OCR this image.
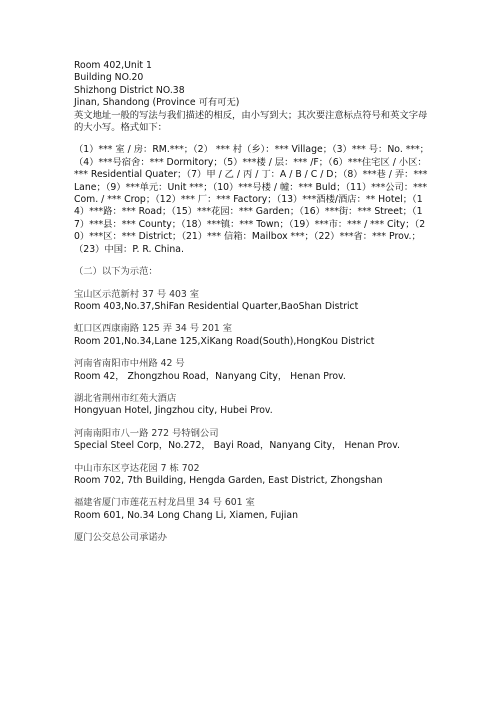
Room 402,Unit 1
Building NO.20
Shizhong District NO.38
Jinan, Shandong (Province 可有可无)

英文地址一般的写法与我们描述的相反，由小写到大；其次要注意标点符号和英文字母的大小写。格式如下：

（1）*** 室 / 房：RM.***；（2） *** 村（乡）：*** Village；（3）*** 号：No. ***；（4）***号宿舍：*** Dormitory；（5）***楼 / 层：*** /F；（6）***住宅区 / 小区：*** Residential Quater；（7）甲 / 乙 / 丙 / 丁：A / B / C / D；（8）***巷 / 弄：*** Lane；（9）***单元：Unit ***；（10）***号楼 / 幢：*** Buld；（11）***公司：*** Com. / *** Crop；（12）*** 厂：*** Factory；（13）***酒楼/酒店：** Hotel；（14）***路：*** Road；（15）***花园：*** Garden；（16）***街：*** Street；（17）***县：*** County；（18）***镇：*** Town；（19）***市：*** / *** City；（20）***区：*** District；（21）*** 信箱：Mailbox ***；（22）***省：*** Prov.；（23）中国：P. R. China.

（二）以下为示范：
宝山区示范新村 37 号 403 室
Room 403,No.37,ShiFan Residential Quarter,BaoShan District
虹口区西康南路 125 弄 34 号 201 室
Room 201,No.34,Lane 125,XiKang Road(South),HongKou District
河南省南阳市中州路 42 号
Room 42， Zhongzhou Road，Nanyang City， Henan Prov.
湖北省荆州市红苑大酒店
Hongyuan Hotel, Jingzhou city, Hubei Prov.
河南南阳市八一路 272 号特钢公司
Special Steel Corp，No.272， Bayi Road，Nanyang City， Henan Prov.
中山市东区亨达花园 7 栋 702
Room 702, 7th Building, Hengda Garden, East District, Zhongshan
福建省厦门市莲花五村龙昌里 34 号 601 室
Room 601, No.34 Long Chang Li, Xiamen, Fujian
厦门公交总公司承诺办
